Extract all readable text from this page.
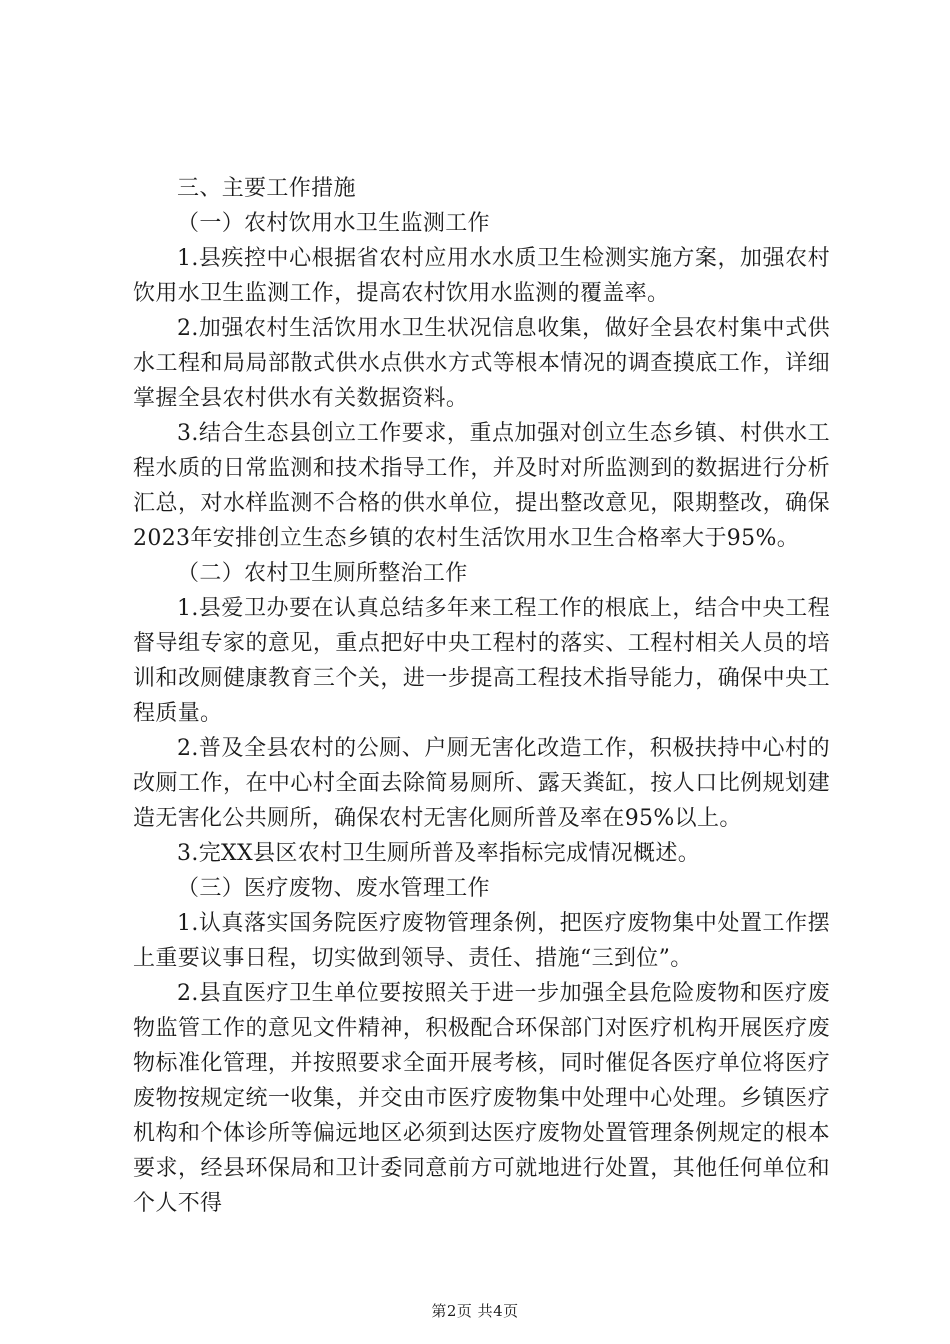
三、主要工作措施
（一）农村饮用水卫生监测工作
1.县疾控中心根据省农村应用水水质卫生检测实施方案，加强农村饮用水卫生监测工作，提高农村饮用水监测的覆盖率。
2.加强农村生活饮用水卫生状况信息收集，做好全县农村集中式供水工程和局局部散式供水点供水方式等根本情况的调查摸底工作，详细掌握全县农村供水有关数据资料。
3.结合生态县创立工作要求，重点加强对创立生态乡镇、村供水工程水质的日常监测和技术指导工作，并及时对所监测到的数据进行分析汇总，对水样监测不合格的供水单位，提出整改意见，限期整改，确保2023年安排创立生态乡镇的农村生活饮用水卫生合格率大于95%。
（二）农村卫生厕所整治工作
1.县爱卫办要在认真总结多年来工程工作的根底上，结合中央工程督导组专家的意见，重点把好中央工程村的落实、工程村相关人员的培训和改厕健康教育三个关，进一步提高工程技术指导能力，确保中央工程质量。
2.普及全县农村的公厕、户厕无害化改造工作，积极扶持中心村的改厕工作，在中心村全面去除简易厕所、露天粪缸，按人口比例规划建造无害化公共厕所，确保农村无害化厕所普及率在95%以上。
3.完XX县区农村卫生厕所普及率指标完成情况概述。
（三）医疗废物、废水管理工作
1.认真落实国务院医疗废物管理条例，把医疗废物集中处置工作摆上重要议事日程，切实做到领导、责任、措施“三到位”。
2.县直医疗卫生单位要按照关于进一步加强全县危险废物和医疗废物监管工作的意见文件精神，积极配合环保部门对医疗机构开展医疗废物标准化管理，并按照要求全面开展考核，同时催促各医疗单位将医疗废物按规定统一收集，并交由市医疗废物集中处理中心处理。乡镇医疗机构和个体诊所等偏远地区必须到达医疗废物处置管理条例规定的根本要求，经县环保局和卫计委同意前方可就地进行处置，其他任何单位和个人不得
第2页 共4页
